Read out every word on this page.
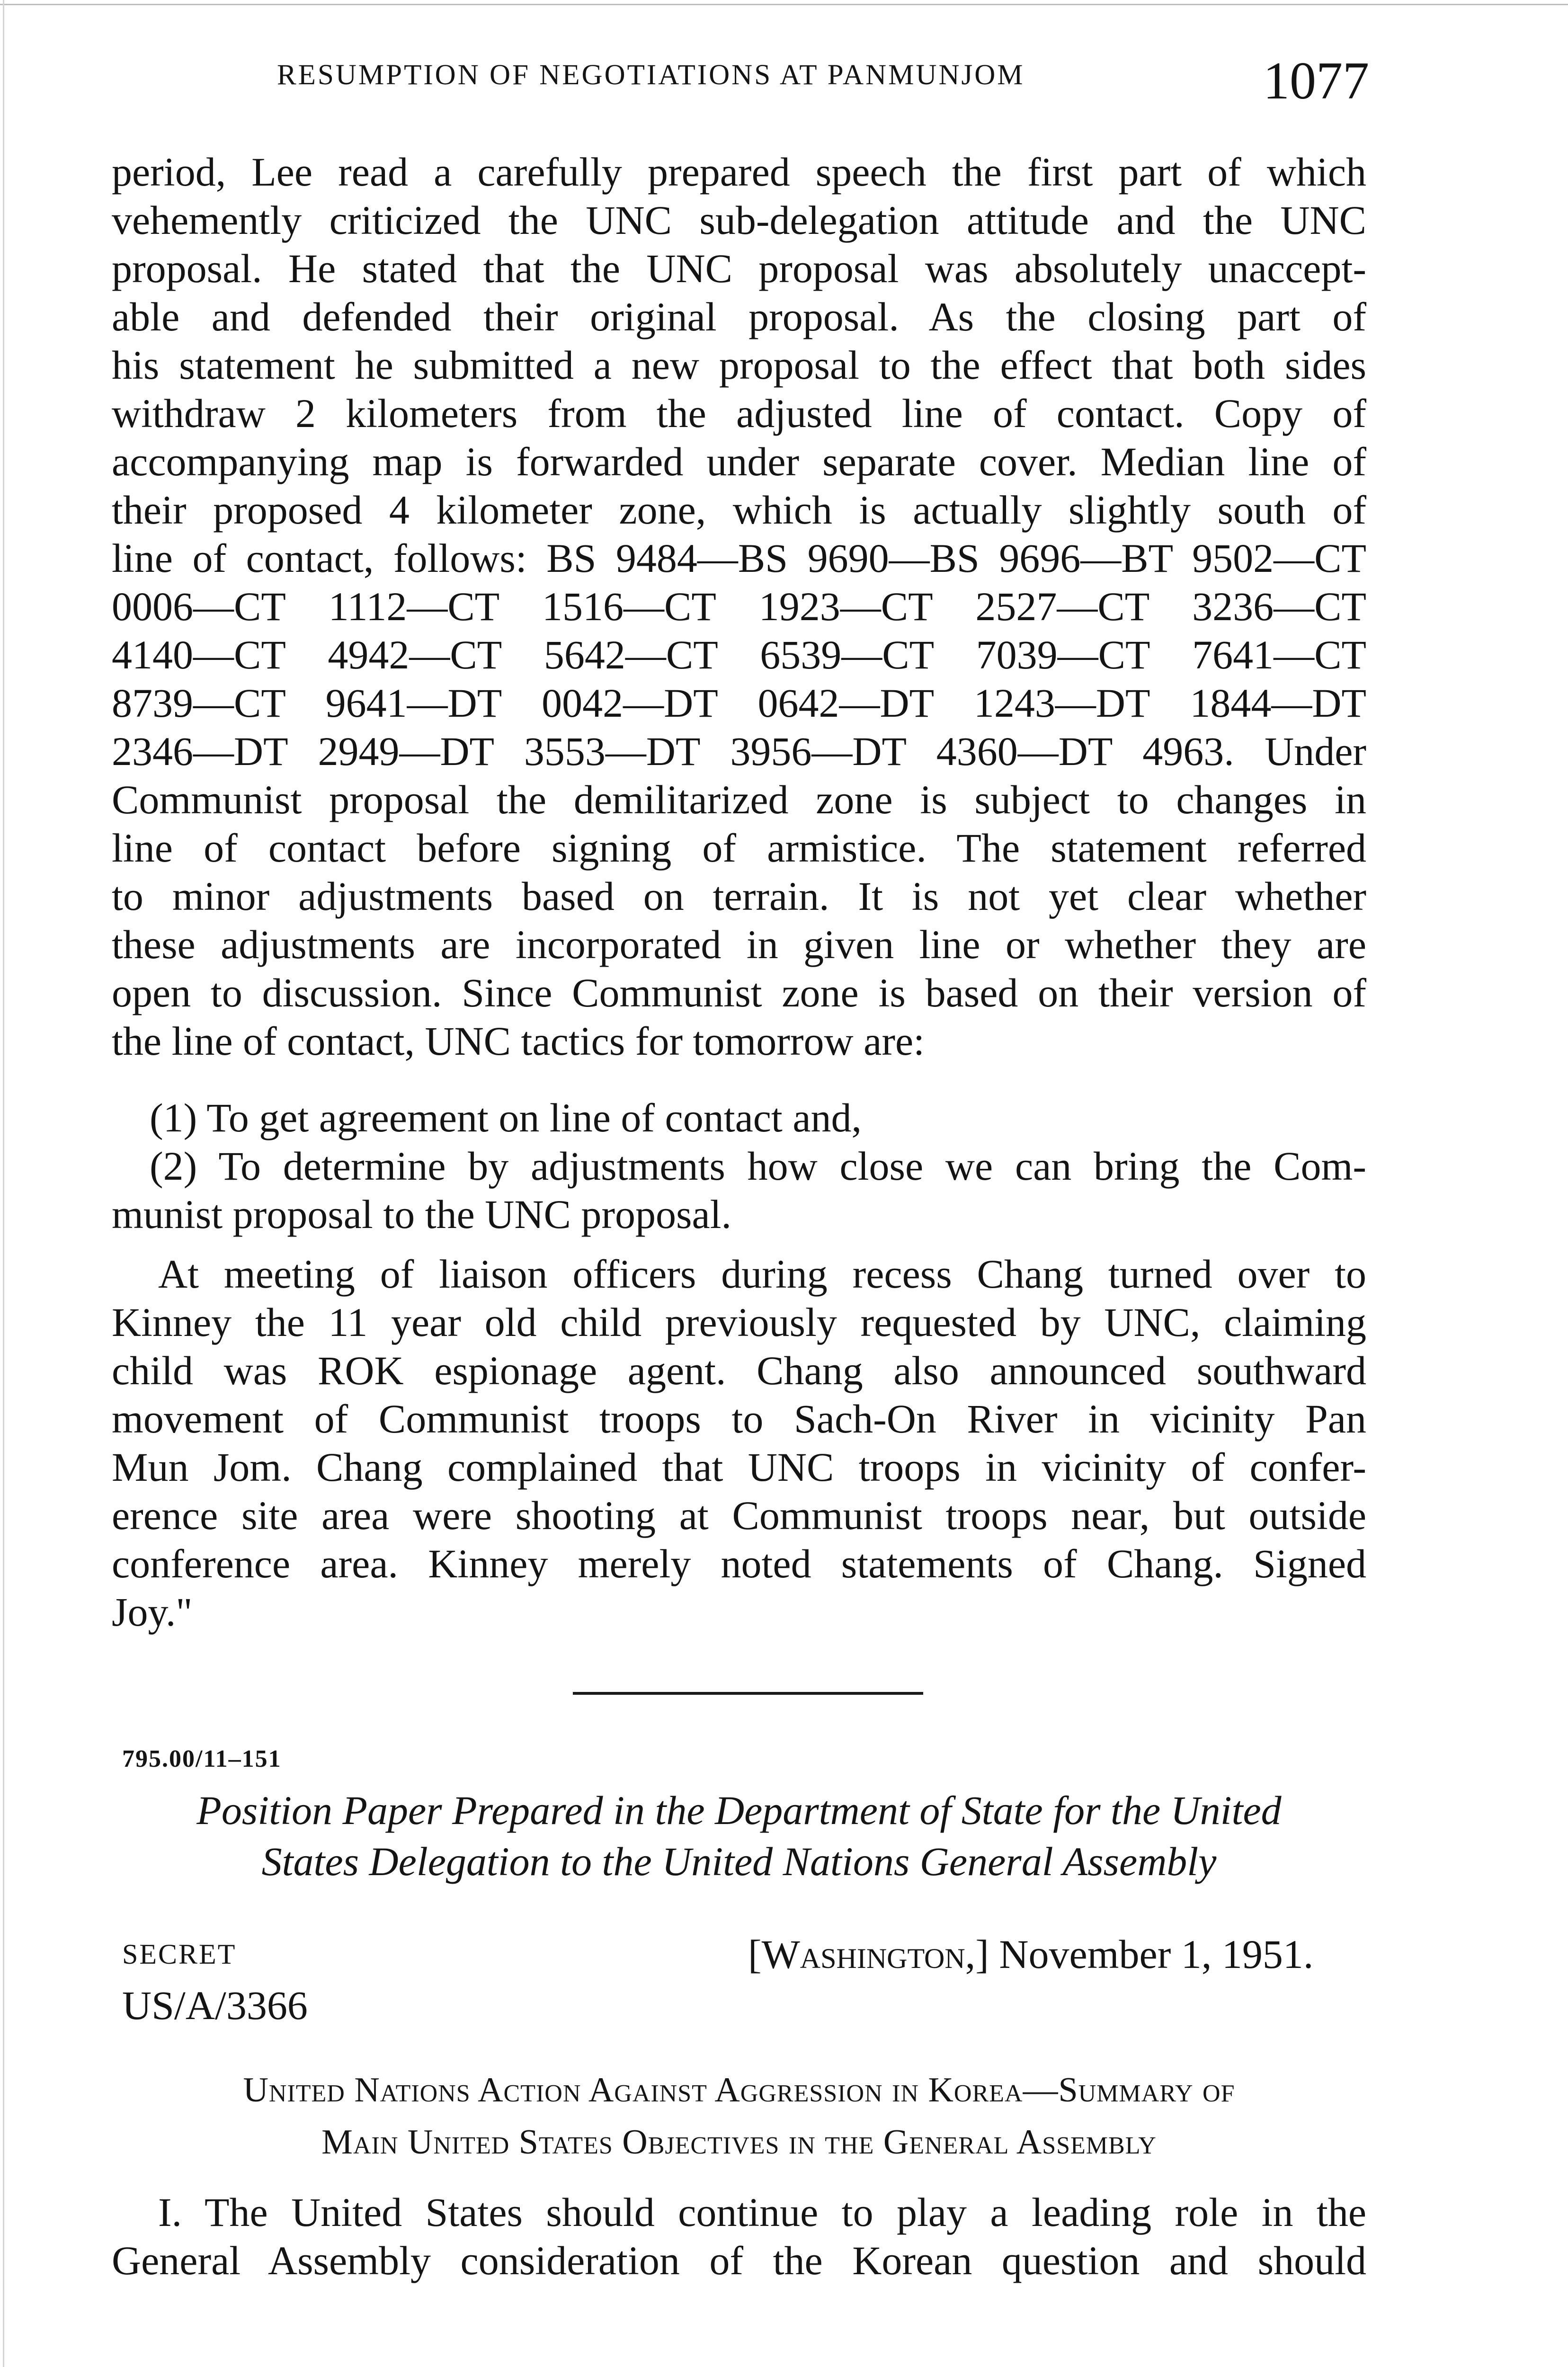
RESUMPTION OF NEGOTIATIONS AT PANMUNJOM	1077
period, Lee read a carefully prepared speech the first part of which
vehemently criticized the UNC sub-delegation attitude and the UNC
proposal. He stated that the UNC proposal was absolutely unaccept-
able and defended their original proposal. As the closing part of
his statement he submitted a new proposal to the effect that both sides
withdraw 2 kilometers from the adjusted line of contact. Copy of
accompanying map is forwarded under separate cover. Median line of
their proposed 4 kilometer zone, which is actually slightly south of
line of contact, follows: BS 9484—BS 9690—BS 9696—BT 9502—CT
0006—CT 1112—CT 1516—CT 1923—CT 2527—CT 3236—CT
4140—CT 4942—CT 5642—CT 6539—CT 7039—CT 7641—CT
8739—CT 9641—DT 0042—DT 0642—DT 1243—DT 1844—DT
2346—DT 2949—DT 3553—DT 3956—DT 4360—DT 4963. Under
Communist proposal the demilitarized zone is subject to changes in
line of contact before signing of armistice. The statement referred
to minor adjustments based on terrain. It is not yet clear whether
these adjustments are incorporated in given line or whether they are
open to discussion. Since Communist zone is based on their version of
the line of contact, UNC tactics for tomorrow are:
(1) To get agreement on line of contact and,
(2) To determine by adjustments how close we can bring the Com-
munist proposal to the UNC proposal.
At meeting of liaison officers during recess Chang turned over to
Kinney the 11 year old child previously requested by UNC, claiming
child was ROK espionage agent. Chang also announced southward
movement of Communist troops to Sach-On River in vicinity Pan
Mun Jom. Chang complained that UNC troops in vicinity of confer-
erence site area were shooting at Communist troops near, but outside
conference area. Kinney merely noted statements of Chang. Signed
Joy."
795.00/11–151
Position Paper Prepared in the Department of State for the United
States Delegation to the United Nations General Assembly
SECRET	[Washington,] November 1, 1951.
US/A/3366
United Nations Action Against Aggression in Korea—Summary of
Main United States Objectives in the General Assembly
I. The United States should continue to play a leading role in the
General Assembly consideration of the Korean question and should
